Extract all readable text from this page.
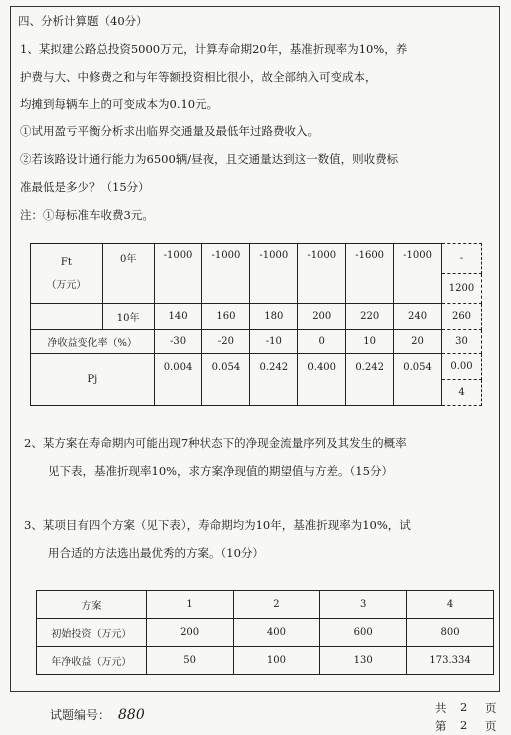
四、分析计算题（40分）
1、某拟建公路总投资5000万元，计算寿命期20年，基准折现率为10%，养
护费与大、中修费之和与年等额投资相比很小，故全部纳入可变成本，
均摊到每辆车上的可变成本为0.10元。
①试用盈亏平衡分析求出临界交通量及最低年过路费收入。
②若该路设计通行能力为6500辆/昼夜，且交通量达到这一数值，则收费标
准最低是多少？（15分）
注：①每标准车收费3元。
Ft
（万元）	0年	-1000	-1000	-1000	-1000	-1600	-1000	-
								1200
	10年	140	160	180	200	220	240	260
净收益变化率（%）		-30	-20	-10	0	10	20	30
Pj		0.004	0.054	0.242	0.400	0.242	0.054	0.00
								4
2、某方案在寿命期内可能出现7种状态下的净现金流量序列及其发生的概率
见下表，基准折现率10%，求方案净现值的期望值与方差。（15分）
3、某项目有四个方案（见下表），寿命期均为10年，基准折现率为10%，试
用合适的方法选出最优秀的方案。（10分）
方案	1	2	3	4
初始投资（万元）	200	400	600	800
年净收益（万元）	50	100	130	173.334
试题编号： 880	共 2 页
第 2 页
